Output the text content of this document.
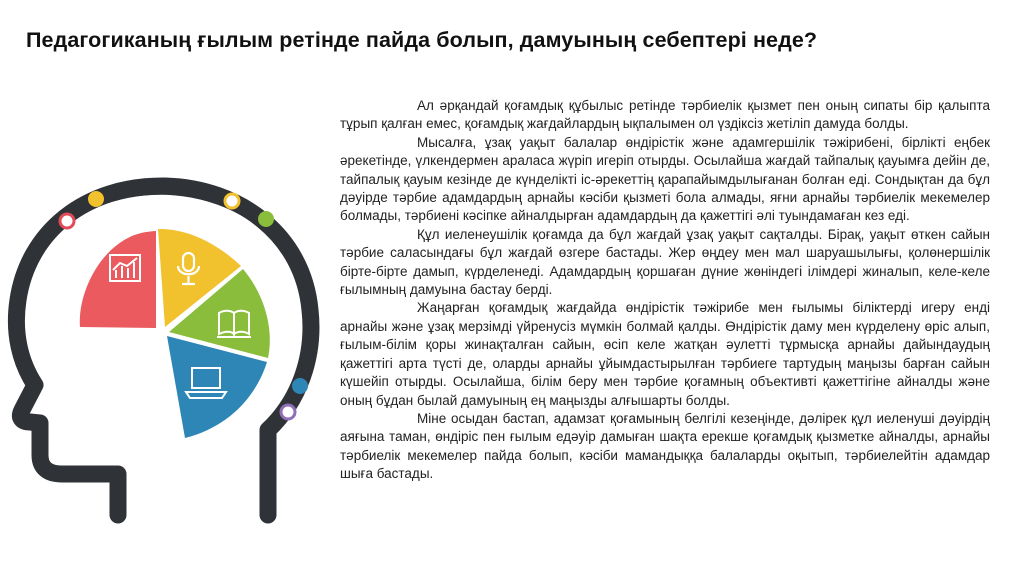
Педагогиканың ғылым ретінде пайда болып, дамуының себептері неде?

Ал әрқандай қоғамдық құбылыс ретінде тәрбиелік қызмет пен оның сипаты бір қалыпта тұрып қалған емес, қоғамдық жағдайлардың ықпалымен ол үздіксіз жетіліп дамуда болды.

Мысалға, ұзақ уақыт балалар өндірістік және адамгершілік тәжірибені, бірлікті еңбек әрекетінде, үлкендермен араласа жүріп игеріп отырды. Осылайша жағдай тайпалық қауымға дейін де, тайпалық қауым кезінде де күнделікті іс-әрекеттің қарапайымдылығанан болған еді. Сондықтан да бұл дәуірде тәрбие адамдардың арнайы кәсіби қызметі бола алмады, яғни арнайы тәрбиелік мекемелер болмады, тәрбиені кәсіпке айналдырған адамдардың да қажеттігі әлі туындамаған кез еді.

Құл иеленеушілік қоғамда да бұл жағдай ұзақ уақыт сақталды. Бірақ, уақыт өткен сайын тәрбие саласындағы бұл жағдай өзгере бастады. Жер өңдеу мен мал шаруашылығы, қолөнершілік бірте-бірте дамып, күрделенеді. Адамдардың қоршаған дүние жөніндегі ілімдері жиналып, келе-келе ғылымның дамуына бастау берді.

Жаңарған қоғамдық жағдайда өндірістік тәжірибе мен ғылымы біліктерді игеру енді арнайы және ұзақ мерзімді үйренусіз мүмкін болмай қалды. Өндірістік даму мен күрделену өріс алып, ғылым-білім қоры жинақталған сайын, өсіп келе жатқан әулетті тұрмысқа арнайы дайындаудың қажеттігі арта түсті де, оларды арнайы ұйымдастырылған тәрбиеге тартудың маңызы барған сайын күшейіп отырды. Осылайша, білім беру мен тәрбие қоғамның объективті қажеттігіне айналды және оның бұдан былай дамуының ең маңызды алғышарты болды.

Міне осыдан бастап, адамзат қоғамының белгілі кезеңінде, дәлірек құл иеленуші дәуірдің аяғына таман, өндіріс пен ғылым едәуір дамыған шақта ерекше қоғамдық қызметке айналды, арнайы тәрбиелік мекемелер пайда болып, кәсіби мамандыққа балаларды оқытып, тәрбиелейтін адамдар шыға бастады.
